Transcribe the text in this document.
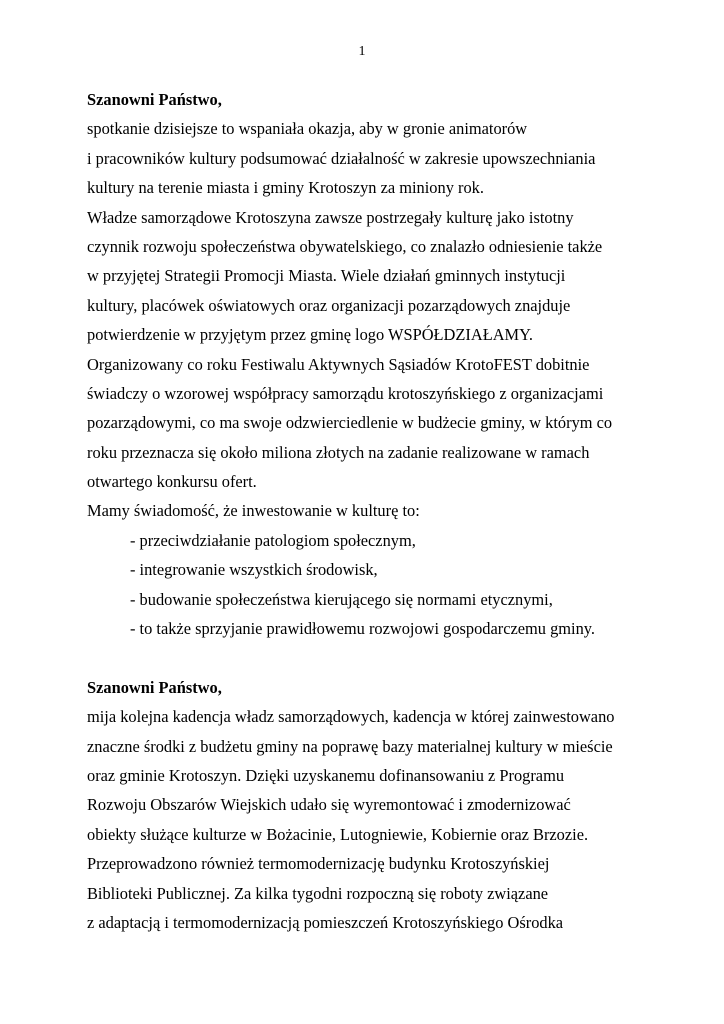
1
Szanowni Państwo,
spotkanie dzisiejsze to wspaniała okazja, aby w gronie animatorów
i pracowników kultury podsumować działalność w zakresie upowszechniania
kultury na terenie miasta i gminy Krotoszyn za miniony rok.
Władze samorządowe Krotoszyna zawsze postrzegały kulturę jako istotny
czynnik rozwoju społeczeństwa obywatelskiego, co znalazło odniesienie także
w przyjętej Strategii Promocji Miasta. Wiele działań gminnych instytucji
kultury, placówek oświatowych oraz organizacji pozarządowych znajduje
potwierdzenie w przyjętym przez gminę logo WSPÓŁDZIAŁAMY.
Organizowany co roku Festiwalu Aktywnych Sąsiadów KrotoFEST dobitnie
świadczy o wzorowej współpracy samorządu krotoszyńskiego z organizacjami
pozarządowymi, co ma swoje odzwierciedlenie w budżecie gminy, w którym co
roku przeznacza się około miliona złotych na zadanie realizowane w ramach
otwartego konkursu ofert.
Mamy świadomość, że inwestowanie w kulturę to:
- przeciwdziałanie patologiom społecznym,
- integrowanie wszystkich środowisk,
- budowanie społeczeństwa kierującego się normami etycznymi,
- to także sprzyjanie prawidłowemu rozwojowi gospodarczemu gminy.
Szanowni Państwo,
mija kolejna kadencja władz samorządowych, kadencja w której zainwestowano
znaczne środki z budżetu gminy na poprawę bazy materialnej kultury w mieście
oraz gminie Krotoszyn. Dzięki uzyskanemu dofinansowaniu z Programu
Rozwoju Obszarów Wiejskich udało się wyremontować i zmodernizować
obiekty służące kulturze w Bożacinie, Lutogniewie, Kobiernie oraz Brzozie.
Przeprowadzono również termomodernizację budynku Krotoszyńskiej
Biblioteki Publicznej. Za kilka tygodni rozpoczną się roboty związane
z adaptacją i termomodernizacją pomieszczeń Krotoszyńskiego Ośrodka
